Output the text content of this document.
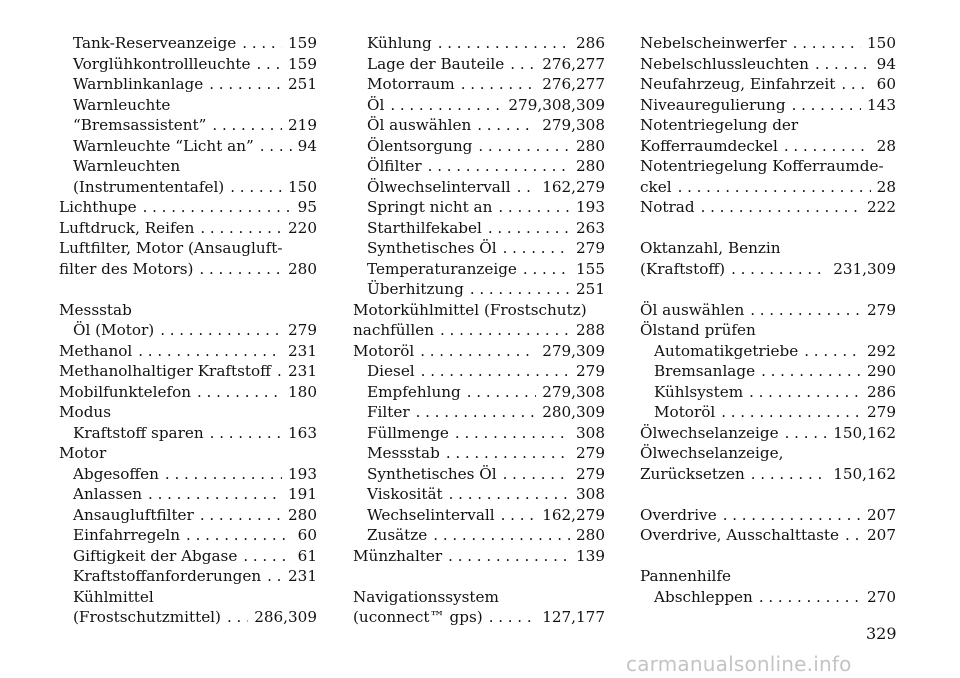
Tank-Reserveanzeige . . .	159
Vorglühkontrollleuchte . . . 159
Warnblinkanlage . . .	251
Warnleuchte
“Bremsassistent” . . .	219
Warnleuchte “Licht an” . . .	94
Warnleuchten
(Instrumententafel) . . .	150
Lichthupe . . .	95
Luftdruck, Reifen . . .	220
Luftfilter, Motor (Ansaugluft-
filter des Motors) . . .	280
Messstab
Öl (Motor) . . .	279
Methanol . . .	231
Methanolhaltiger Kraftstoff . . . 231
Mobilfunktelefon . . .	180
Modus
Kraftstoff sparen . . .	163
Motor
Abgesoffen . . .	193
Anlassen . . .	191
Ansaugluftfilter . . .	280
Einfahrregeln . . .	60
Giftigkeit der Abgase . . .	61
Kraftstoffanforderungen . . . 231
Kühlmittel
(Frostschutzmittel) . . . 286,309
Kühlung . . .	286
Lage der Bauteile . . . 276,277
Motorraum . . .	276,277
Öl . . .	279,308,309
Öl auswählen . . .	279,308
Ölentsorgung . . .	280
Ölfilter . . .	280
Ölwechselintervall . . . 162,279
Springt nicht an . . .	193
Starthilfekabel . . .	263
Synthetisches Öl . . .	279
Temperaturanzeige . . .	155
Überhitzung . . .	251
Motorkühlmittel (Frostschutz)
nachfüllen . . .	288
Motoröl . . .	279,309
Diesel . . .	279
Empfehlung . . .	279,308
Filter . . .	280,309
Füllmenge . . .	308
Messstab . . .	279
Synthetisches Öl . . .	279
Viskosität . . .	308
Wechselintervall . . .	162,279
Zusätze . . .	280
Münzhalter . . .	139
Navigationssystem
(uconnect™ gps) . . .	127,177
Nebelscheinwerfer . . .	150
Nebelschlussleuchten . . .	94
Neufahrzeug, Einfahrzeit . . .	60
Niveauregulierung . . .	143
Notentriegelung der
Kofferraumdeckel . . .	28
Notentriegelung Kofferraumde-
ckel . . .	28
Notrad . . .	222
Oktanzahl, Benzin
(Kraftstoff) . . .	231,309
Öl auswählen . . .	279
Ölstand prüfen
Automatikgetriebe . . .	292
Bremsanlage . . .	290
Kühlsystem . . .	286
Motoröl . . .	279
Ölwechselanzeige . . .	150,162
Ölwechselanzeige,
Zurücksetzen . . .	150,162
Overdrive . . .	207
Overdrive, Ausschalttaste . . . 207
Pannenhilfe
Abschleppen . . .	270
329
carmanualsonline.info
